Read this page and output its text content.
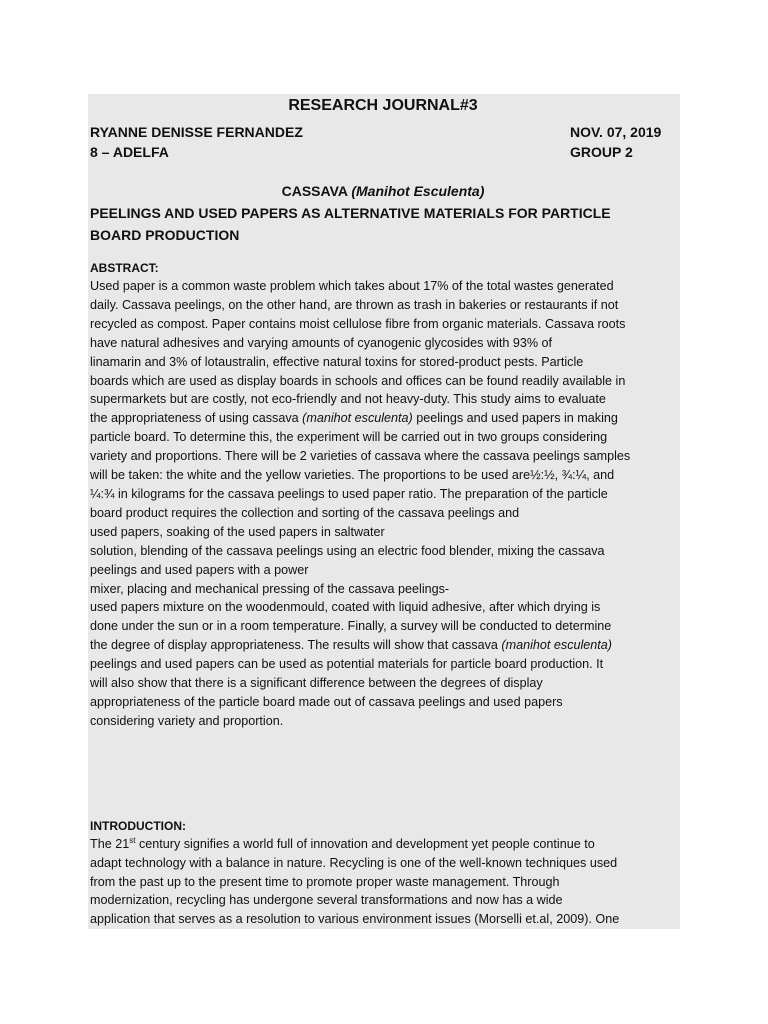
RESEARCH JOURNAL#3
RYANNE DENISSE FERNANDEZ	NOV. 07, 2019
8 – ADELFA	GROUP 2
CASSAVA (Manihot Esculenta)
PEELINGS AND USED PAPERS AS ALTERNATIVE MATERIALS FOR PARTICLE
BOARD PRODUCTION
ABSTRACT:
Used paper is a common waste problem which takes about 17% of the total wastes generated
daily. Cassava peelings, on the other hand, are thrown as trash in bakeries or restaurants if not
recycled as compost. Paper contains moist cellulose fibre from organic materials. Cassava roots
have natural adhesives and varying amounts of cyanogenic glycosides with 93% of
linamarin and 3% of lotaustralin, effective natural toxins for stored-product pests. Particle
boards which are used as display boards in schools and offices can be found readily available in
supermarkets but are costly, not eco-friendly and not heavy-duty. This study aims to evaluate
the appropriateness of using cassava (manihot esculenta) peelings and used papers in making
particle board. To determine this, the experiment will be carried out in two groups considering
variety and proportions. There will be 2 varieties of cassava where the cassava peelings samples
will be taken: the white and the yellow varieties. The proportions to be used are½:½, ¾:¼, and
¼:¾ in kilograms for the cassava peelings to used paper ratio. The preparation of the particle
board product requires the collection and sorting of the cassava peelings and
used papers, soaking of the used papers in saltwater
solution, blending of the cassava peelings using an electric food blender, mixing the cassava
peelings and used papers with a power
mixer, placing and mechanical pressing of the cassava peelings-
used papers mixture on the woodenmould, coated with liquid adhesive, after which drying is
done under the sun or in a room temperature. Finally, a survey will be conducted to determine
the degree of display appropriateness. The results will show that cassava (manihot esculenta)
peelings and used papers can be used as potential materials for particle board production. It
will also show that there is a significant difference between the degrees of display
appropriateness of the particle board made out of cassava peelings and used papers
considering variety and proportion.
INTRODUCTION:
The 21st century signifies a world full of innovation and development yet people continue to
adapt technology with a balance in nature. Recycling is one of the well-known techniques used
from the past up to the present time to promote proper waste management. Through
modernization, recycling has undergone several transformations and now has a wide
application that serves as a resolution to various environment issues (Morselli et.al, 2009). One
